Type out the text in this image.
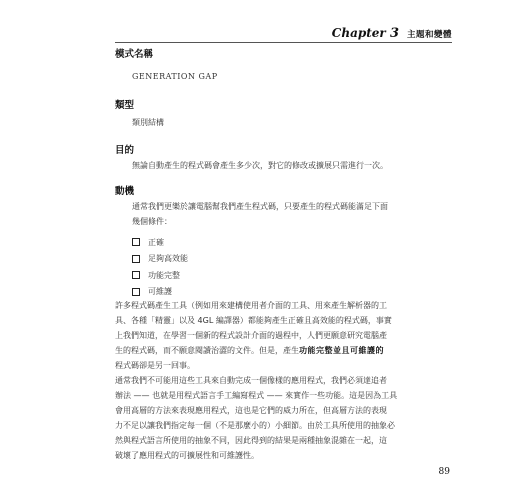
Chapter 3 主題和變體
模式名稱
GENERATION GAP
類型
類別結構
目的
無論自動產生的程式碼會產生多少次，對它的修改或擴展只需進行一次。
動機
通常我們更樂於讓電腦幫我們產生程式碼，只要產生的程式碼能滿足下面
幾個條件：
正確
足夠高效能
功能完整
可維護
許多程式碼產生工具（例如用來建構使用者介面的工具、用來產生解析器的工
具、各種「精靈」以及 4GL 編譯器）都能夠產生正確且高效能的程式碼，事實
上我們知道，在學習一個新的程式設計介面的過程中，人們更願意研究電腦產
生的程式碼，而不願意閱讀治澀的文件。但是，產生功能完整並且可維護的
程式碼卻是另一回事。
通常我們不可能用這些工具來自動完成一個像樣的應用程式，我們必須達追者
辦法 —— 也就是用程式語言手工編寫程式 —— 來實作一些功能。這是因為工具
會用高層的方法來表現應用程式，這也是它們的威力所在，但高層方法的表現
力不足以讓我們指定每一個（不是那麼小的）小細節。由於工具所使用的抽象必
然與程式語言所使用的抽象不同，因此得到的結果是兩種抽象混雜在一起，這
破壞了應用程式的可擴展性和可維護性。
89
